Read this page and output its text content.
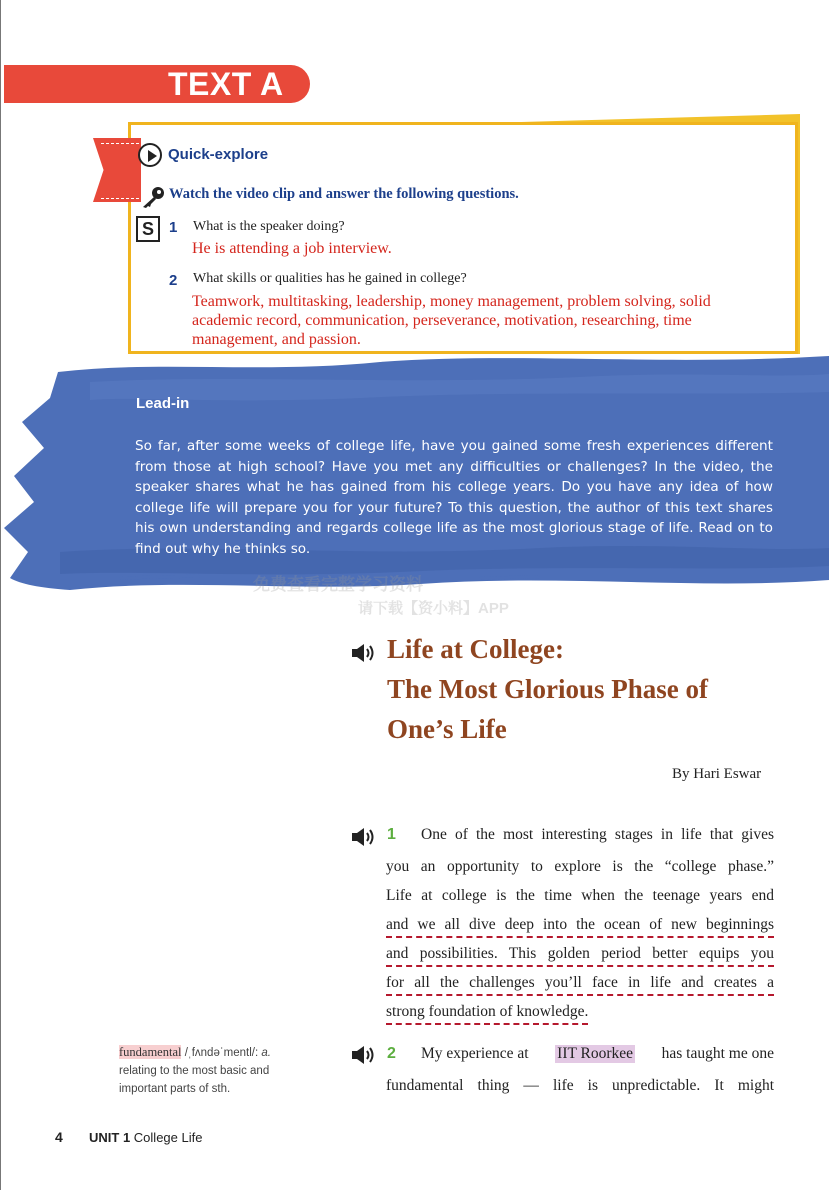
TEXT A
Quick-explore
Watch the video clip and answer the following questions.
S	1 What is the speaker doing?
He is attending a job interview.
2 What skills or qualities has he gained in college?
Teamwork, multitasking, leadership, money management, problem solving, solid
academic record, communication, perseverance, motivation, researching, time
management, and passion.
Lead-in
So far, after some weeks of college life, have you gained some fresh experiences different from those at high school? Have you met any difficulties or challenges? In the video, the speaker shares what he has gained from his college years. Do you have any idea of how college life will prepare you for your future? To this question, the author of this text shares his own understanding and regards college life as the most glorious stage of life. Read on to find out why he thinks so.
免费查看完整学习资料
请下载【资小料】APP
Life at College:
The Most Glorious Phase of
One’s Life
By Hari Eswar
1 One of the most interesting stages in life that gives
you an opportunity to explore is the “college phase.”
Life at college is the time when the teenage years end
and we all dive deep into the ocean of new beginnings
and possibilities. This golden period better equips you
for all the challenges you’ll face in life and creates a
strong foundation of knowledge.
fundamental /ˌfʌndəˈmentl/: a. relating to the most basic and important parts of sth.
2 My experience at IIT Roorkee has taught me one
fundamental thing — life is unpredictable. It might
4 UNIT 1 College Life
